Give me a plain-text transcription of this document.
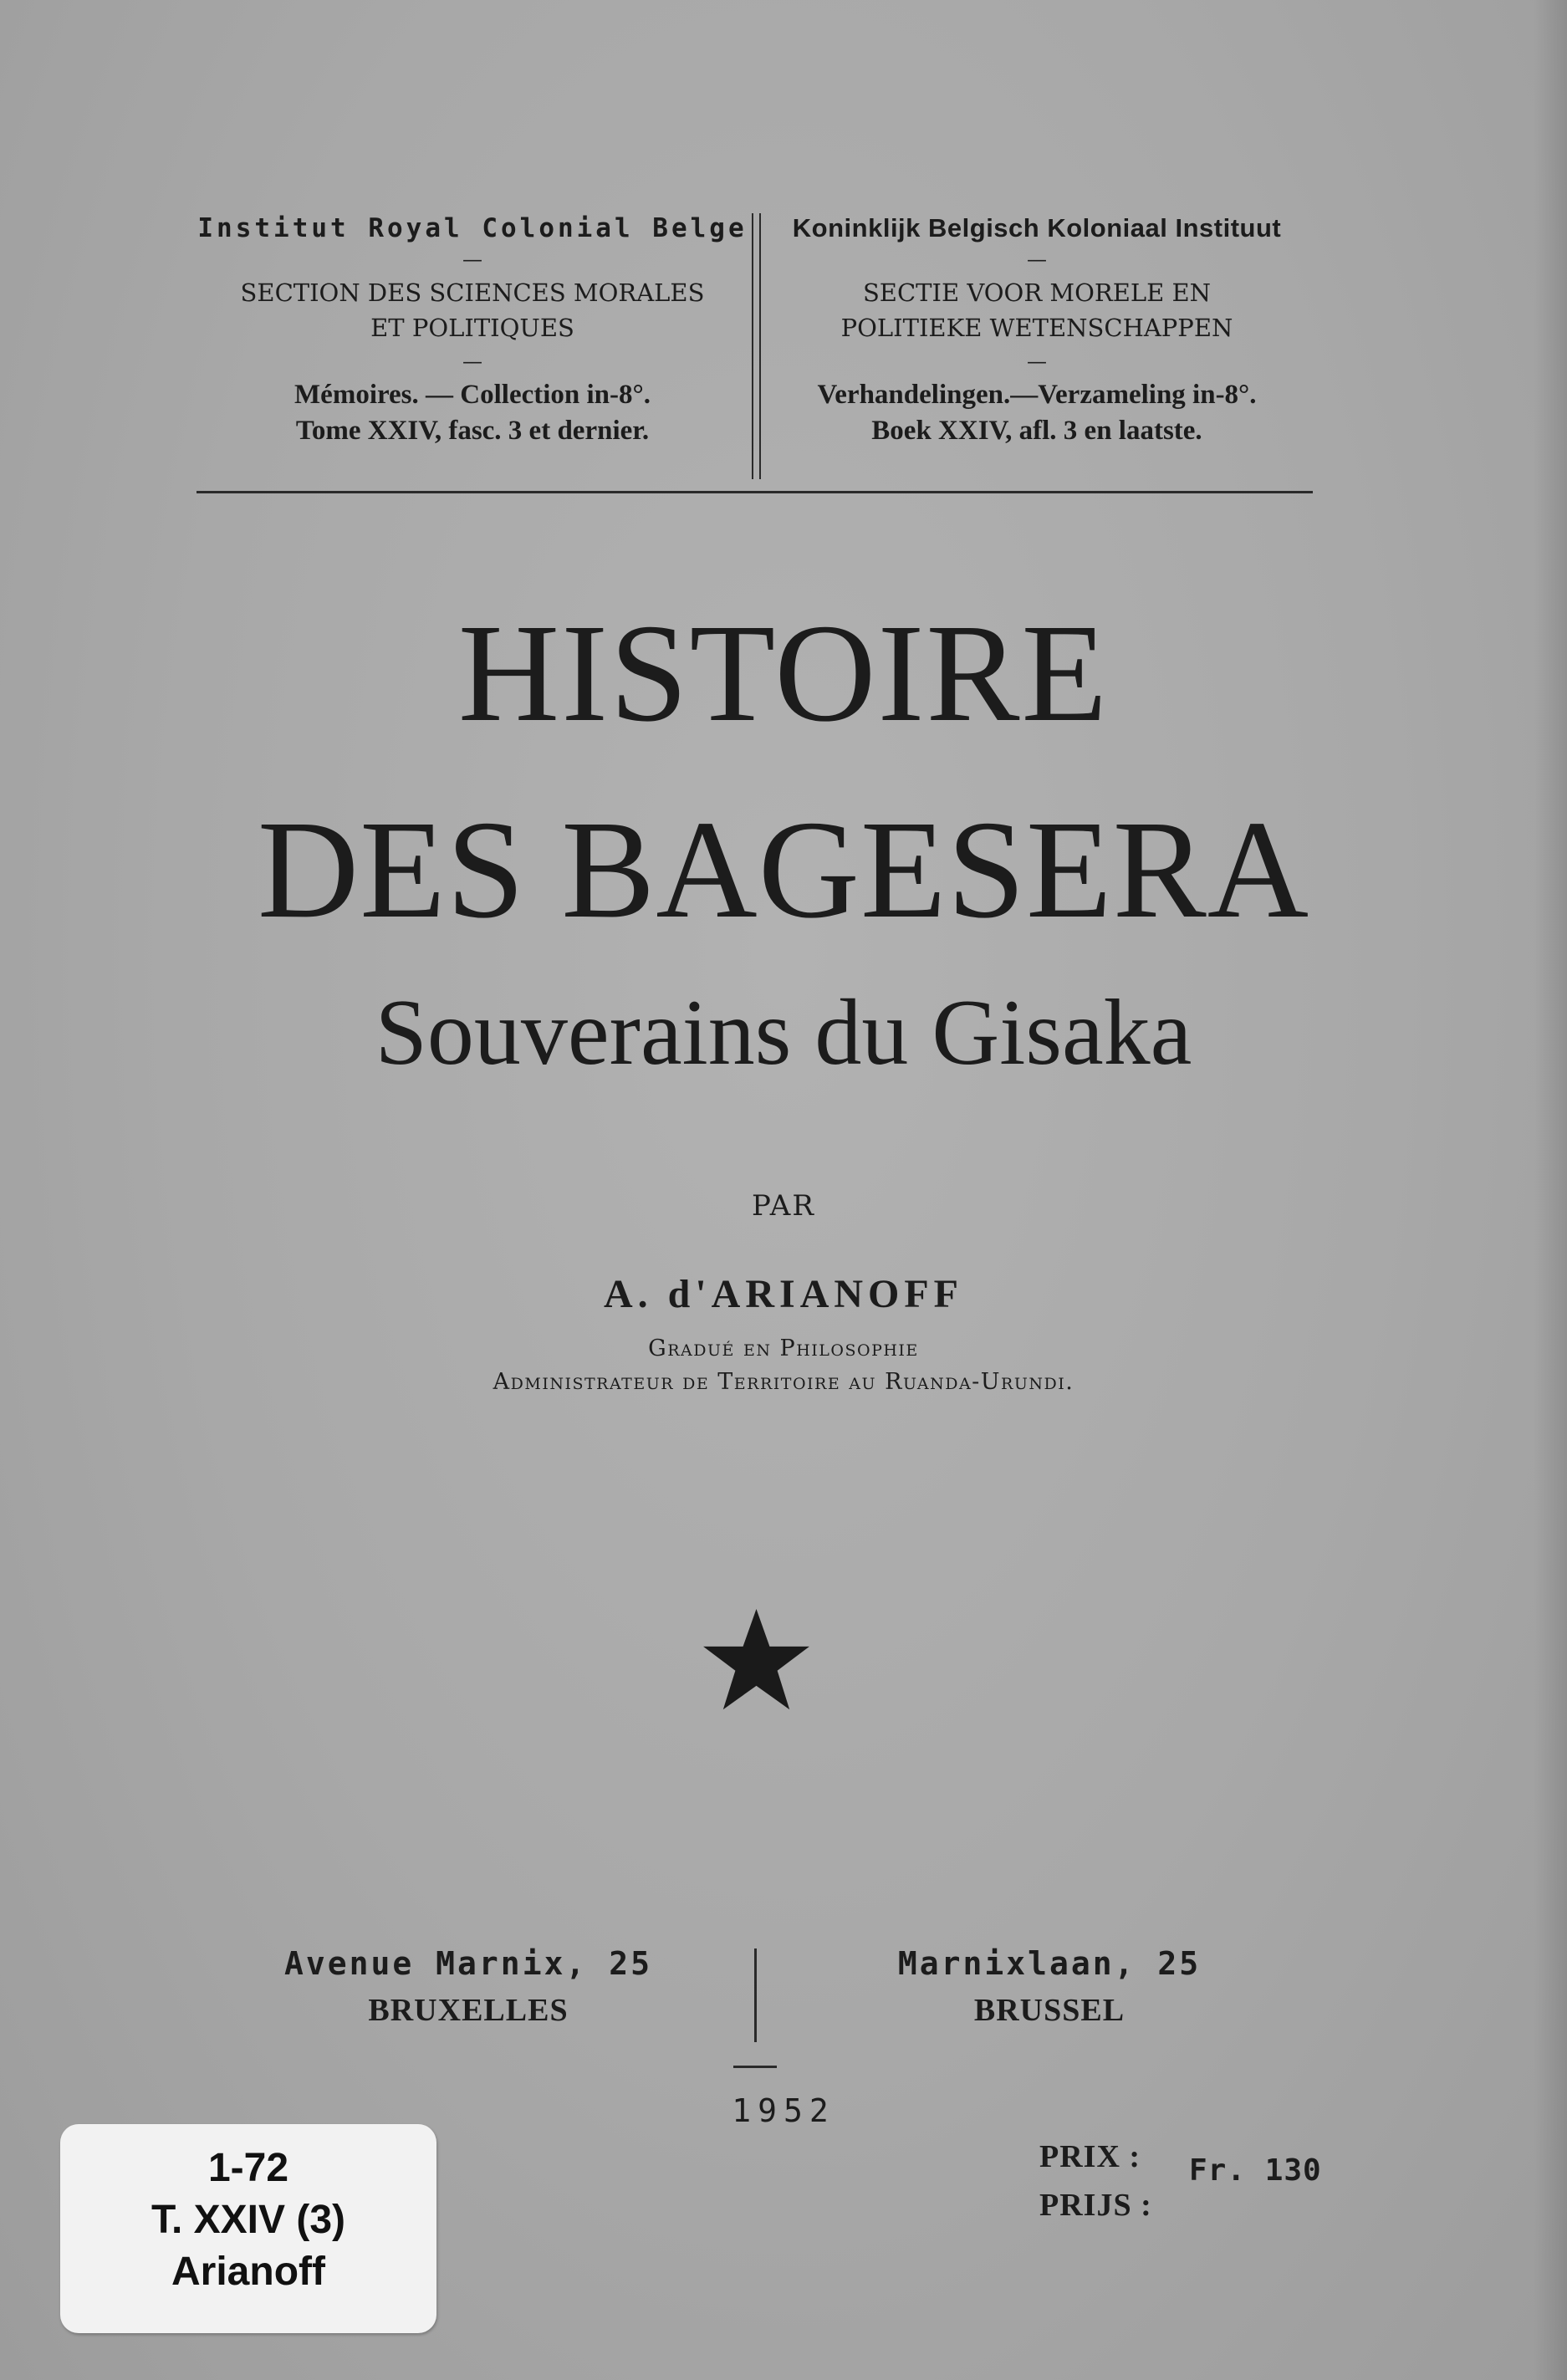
Institut Royal Colonial Belge
—
SECTION DES SCIENCES MORALES
ET POLITIQUES
—
Mémoires. — Collection in-8°.
Tome XXIV, fasc. 3 et dernier.
Koninklijk Belgisch Koloniaal Instituut
—
SECTIE VOOR MORELE EN
POLITIEKE WETENSCHAPPEN
—
Verhandelingen.—Verzameling in-8°.
Boek XXIV, afl. 3 en laatste.
HISTOIRE
DES BAGESERA
Souverains du Gisaka
PAR
A. d'ARIANOFF
Gradué en Philosophie
Administrateur de Territoire au Ruanda-Urundi.
Avenue Marnix, 25
BRUXELLES
Marnixlaan, 25
BRUSSEL
1952
PRIX :
PRIJS :
Fr. 130
1-72
T. XXIV (3)
Arianoff
